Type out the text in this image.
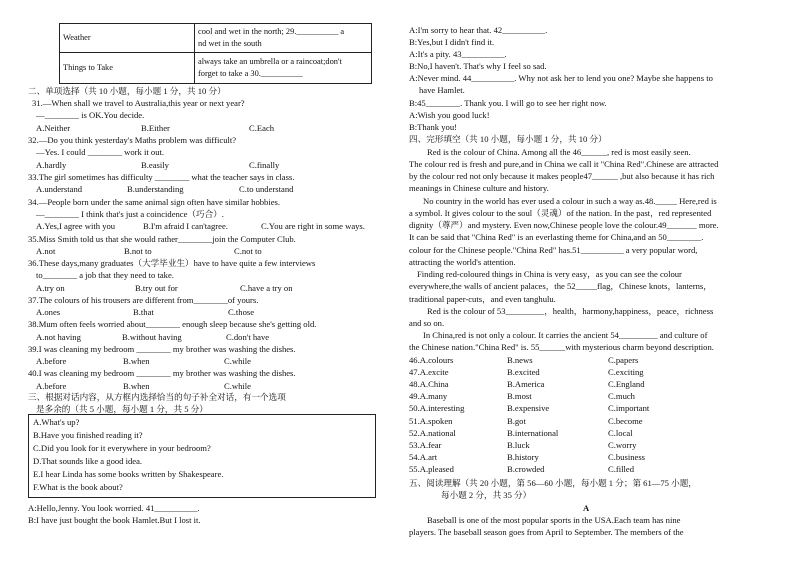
Weather	cool and wet in the north; 29.__________ a
nd wet in the south
Things to Take	always take an umbrella or a raincoat;don't
forget to take a 30.__________
二、单项选择（共 10 小题，每小题 1 分，共 10 分）
31.—When shall we travel to Australia,this year or next year?
—________ is OK.You decide.
A.Neither	B.Either	C.Each
32.—Do you think yesterday's Maths problem was difficult?
—Yes. I could ________ work it out.
A.hardly	B.easily	C.finally
33.The girl sometimes has difficulty ________ what the teacher says in class.
A.understand	B.understanding	C.to understand
34.—People born under the same animal sign often have similar hobbies.
—________ I think that's just a coincidence（巧合）.
A.Yes,I agree with you	B.I'm afraid I can'tagree.	C.You are right in some ways.
35.Miss Smith told us that she would rather________join the Computer Club.
A.not	B.not to	C.not to
36.These days,many graduates（大学毕业生）have to have quite a few interviews
to________ a job that they need to take.
A.try on	B.try out for	C.have a try on
37.The colours of his trousers are different from________of yours.
A.ones	B.that	C.those
38.Mum often feels worried about________ enough sleep because she's getting old.
A.not having	B.without having	C.don't have
39.I was cleaning my bedroom ________ my brother was washing the dishes.
A.before	B.when	C.while
40.I was cleaning my bedroom ________ my brother was washing the dishes.
A.before	B.when	C.while
三、根据对话内容，从方框内选择恰当的句子补全对话，有一个选项
是多余的（共 5 小题，每小题 1 分，共 5 分）
A.What's up?
B.Have you finished reading it?
C.Did you look for it everywhere in your bedroom?
D.That sounds like a good idea.
E.I hear Linda has some books written by Shakespeare.
F.What is the book about?
A:Hello,Jenny. You look worried. 41__________.
B:I have just bought the book Hamlet.But I lost it.
A:I'm sorry to hear that. 42__________.
B:Yes,but I didn't find it.
A:It's a pity. 43__________.
B:No,I haven't. That's why I feel so sad.
A:Never mind. 44__________. Why not ask her to lend you one? Maybe she happens to
have Hamlet.
B:45________. Thank you. I will go to see her right now.
A:Wish you good luck!
B:Thank you!
四、完形填空（共 10 小题，每小题 1 分，共 10 分）
Red is the colour of China. Among all the 46______, red is most easily seen.
The colour red is fresh and pure,and in China we call it "China Red".Chinese are attracted
by the colour red not only because it makes people47______ ,but also because it has rich
meanings in Chinese culture and history.
No country in the world has ever used a colour in such a way as.48._____ Here,red is
a symbol. It gives colour to the soul（灵魂）of the nation. In the past，red represented
dignity（尊严）and mystery. Even now,Chinese people love the colour.49_______ more.
It can be said that "China Red" is an everlasting theme for China,and an 50________.
colour for the Chinese people."China Red" has.51__________ a very popular word,
attracting the world's attention.
Finding red-coloured things in China is very easy，as you can see the colour
everywhere,the walls of ancient palaces，the 52_____flag，Chinese knots，lanterns，
traditional paper-cuts，and even tanghulu.
Red is the colour of 53_________，health，harmony,happiness，peace，richness
and so on.
In China,red is not only a colour. It carries the ancient 54_________ and culture of
the Chinese nation."China Red" is. 55______with mysterious charm beyond description.
46.A.colours	B.news	C.papers
47.A.excite	B.excited	C.exciting
48.A.China	B.America	C.England
49.A.many	B.most	C.much
50.A.interesting	B.expensive	C.important
51.A.spoken	B.got	C.become
52.A.national	B.international	C.local
53.A.fear	B.luck	C.worry
54.A.art	B.history	C.business
55.A.pleased	B.crowded	C.filled
五、阅读理解（共 20 小题，第 56—60 小题，每小题 1 分；第 61—75 小题，
每小题 2 分，共 35 分）
A
Baseball is one of the most popular sports in the USA.Each team has nine
players. The baseball season goes from April to September. The members of the
